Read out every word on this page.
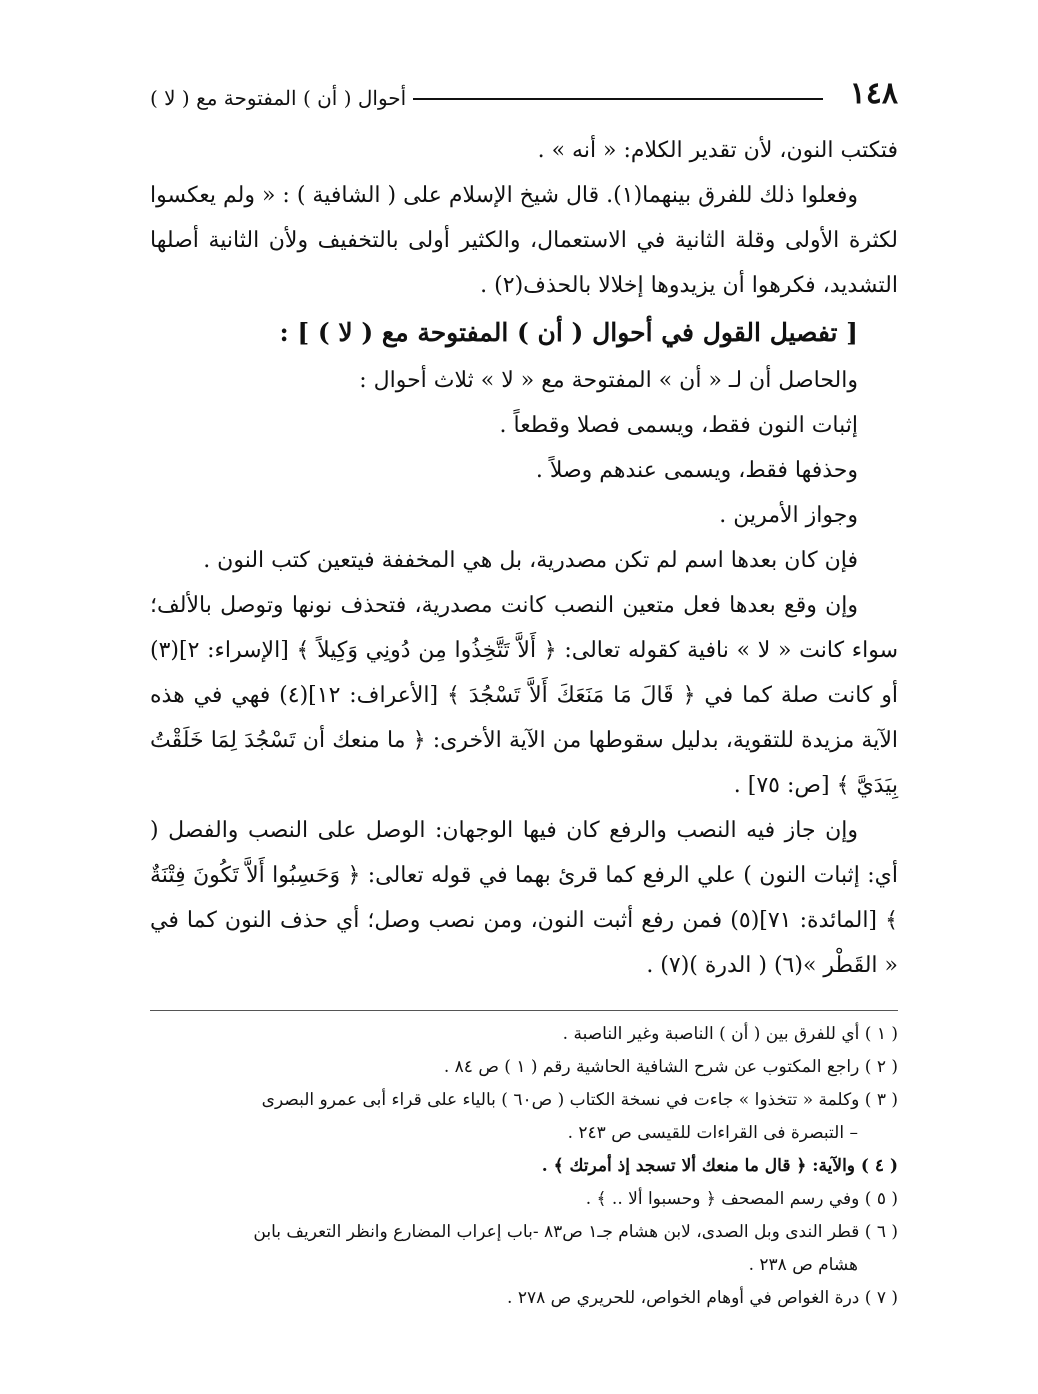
١٤٨
أحوال ( أن ) المفتوحة مع ( لا )

فتكتب النون، لأن تقدير الكلام: « أنه » .

وفعلوا ذلك للفرق بينهما(١). قال شيخ الإسلام على ( الشافية ) : « ولم يعكسوا لكثرة الأولى وقلة الثانية في الاستعمال، والكثير أولى بالتخفيف ولأن الثانية أصلها التشديد، فكرهوا أن يزيدوها إخلالا بالحذف(٢) .

[ تفصيل القول في أحوال ( أن ) المفتوحة مع ( لا ) ] :

والحاصل أن لـ « أن » المفتوحة مع « لا » ثلاث أحوال :

إثبات النون فقط، ويسمى فصلا وقطعاً .

وحذفها فقط، ويسمى عندهم وصلاً .

وجواز الأمرين .

فإن كان بعدها اسم لم تكن مصدرية، بل هي المخففة فيتعين كتب النون .

وإن وقع بعدها فعل متعين النصب كانت مصدرية، فتحذف نونها وتوصل بالألف؛ سواء كانت « لا » نافية كقوله تعالى: ﴿ أَلاَّ تَتَّخِذُوا مِن دُونِي وَكِيلاً ﴾ [الإسراء: ٢](٣) أو كانت صلة كما في ﴿ قَالَ مَا مَنَعَكَ أَلاَّ تَسْجُدَ ﴾ [الأعراف: ١٢](٤) فهي في هذه الآية مزيدة للتقوية، بدليل سقوطها من الآية الأخرى: ﴿ ما منعك أن تَسْجُدَ لِمَا خَلَقْتُ بِيَدَيَّ ﴾ [ص: ٧٥] .

وإن جاز فيه النصب والرفع كان فيها الوجهان: الوصل على النصب والفصل ( أي: إثبات النون ) علي الرفع كما قرئ بهما في قوله تعالى: ﴿ وَحَسِبُوا أَلاَّ تَكُونَ فِتْنَةٌ ﴾ [المائدة: ٧١](٥) فمن رفع أثبت النون، ومن نصب وصل؛ أي حذف النون كما في « القَطْر »(٦) ( الدرة )(٧) .

( ١ ) أي للفرق بين ( أن ) الناصبة وغير الناصبة .

( ٢ ) راجع المكتوب عن شرح الشافية الحاشية رقم ( ١ ) ص ٨٤ .

( ٣ ) وكلمة « تتخذوا » جاءت في نسخة الكتاب ( ص٦٠ ) بالياء على قراء أبى عمرو البصرى

– التبصرة فى القراءات للقيسى ص ٢٤٣ .

( ٤ ) والآية: ﴿ قال ما منعك ألا تسجد إذ أمرتك ﴾ .

( ٥ ) وفي رسم المصحف ﴿ وحسبوا ألا .. ﴾ .

( ٦ ) قطر الندى وبل الصدى، لابن هشام جـ١ ص٨٣ -باب إعراب المضارع وانظر التعريف بابن

هشام ص ٢٣٨ .

( ٧ ) درة الغواص في أوهام الخواص، للحريري ص ٢٧٨ .
